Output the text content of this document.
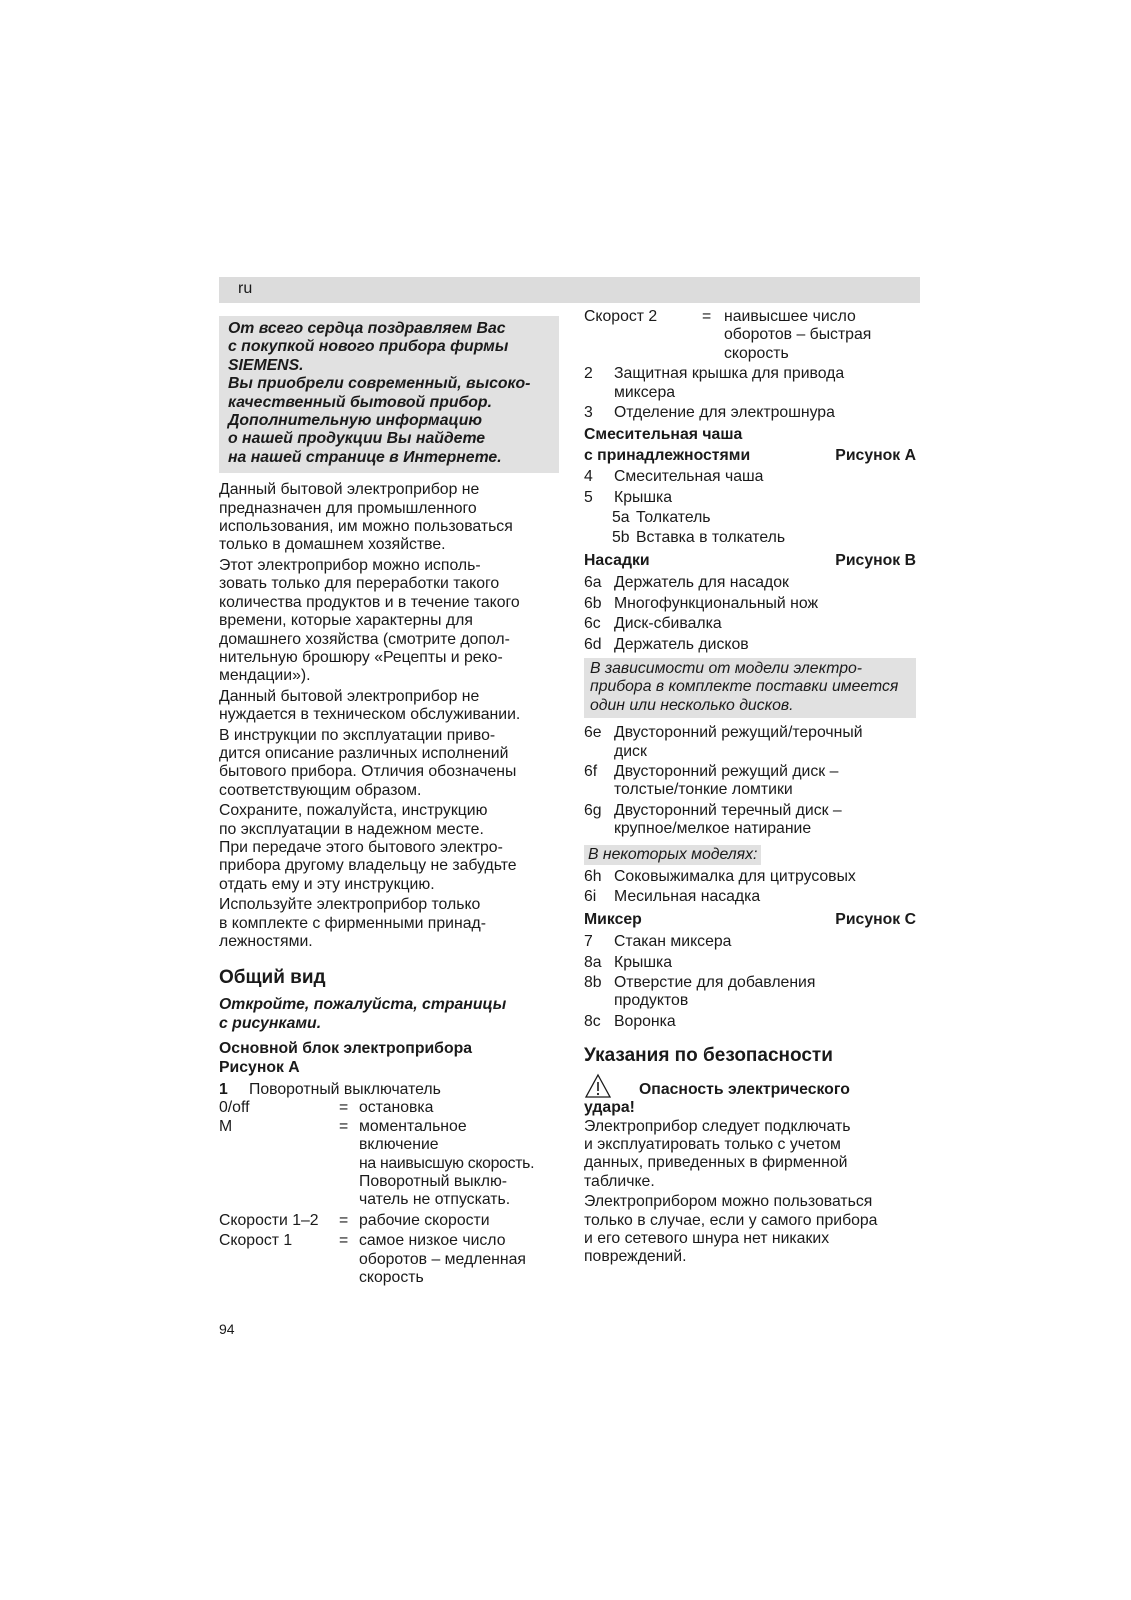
ru
От всего сердца поздравляем Вас
с покупкой нового прибора фирмы
SIEMENS.
Вы приобрели современный, высоко-
качественный бытовой прибор.
Дополнительную информацию
о нашей продукции Вы найдете
на нашей странице в Интернете.
Данный бытовой электроприбор не
предназначен для промышленного
использования, им можно пользоваться
только в домашнем хозяйстве.
Этот электроприбор можно исполь-
зовать только для переработки такого
количества продуктов и в течение такого
времени, которые характерны для
домашнего хозяйства (смотрите допол-
нительную брошюру «Рецепты и реко-
мендации»).
Данный бытовой электроприбор не
нуждается в техническом обслуживании.
В инструкции по эксплуатации приво-
дится описание различных исполнений
бытового прибора. Отличия обозначены
соответствующим образом.
Сохраните, пожалуйста, инструкцию
по эксплуатации в надежном месте.
При передаче этого бытового электро-
прибора другому владельцу не забудьте
отдать ему и эту инструкцию.
Используйте электроприбор только
в комплекте с фирменными принад-
лежностями.
Общий вид
Откройте, пожалуйста, страницы
с рисунками.
Основной блок электроприбора
Рисунок A
1	Поворотный выключатель
0/off	= остановка
M	= моментальное
включение
на наивысшую скорость.
Поворотный выклю-
чатель не отпускать.
Скорости 1–2	= рабочие скорости
Скорост 1	= самое низкое число
оборотов – медленная
скорость
Скорост 2	= наивысшее число
оборотов – быстрая
скорость
2	Защитная крышка для привода
миксера
3	Отделение для электрошнура
Смесительная чаша
с принадлежностями	Рисунок A
4	Смесительная чаша
5	Крышка
5a Толкатель
5b Вставка в толкатель
Насадки	Рисунок B
6a Держатель для насадок
6b Многофункциональный нож
6c Диск-сбивалка
6d Держатель дисков
В зависимости от модели электро-
прибора в комплекте поставки имеется
один или несколько дисков.
6e Двусторонний режущий/терочный
диск
6f	Двусторонний режущий диск –
толстые/тонкие ломтики
6g Двусторонний теречный диск –
крупное/мелкое натирание
В некоторых моделях:
6h Соковыжималка для цитрусовых
6i	Месильная насадка
Миксер	Рисунок C
7	Стакан миксера
8a Крышка
8b Отверстие для добавления
продуктов
8c Воронка
Указания по безопасности
Опасность электрического
удара!
Электроприбор следует подключать
и эксплуатировать только с учетом
данных, приведенных в фирменной
табличке.
Электроприбором можно пользоваться
только в случае, если у самого прибора
и его сетевого шнура нет никаких
повреждений.
94
